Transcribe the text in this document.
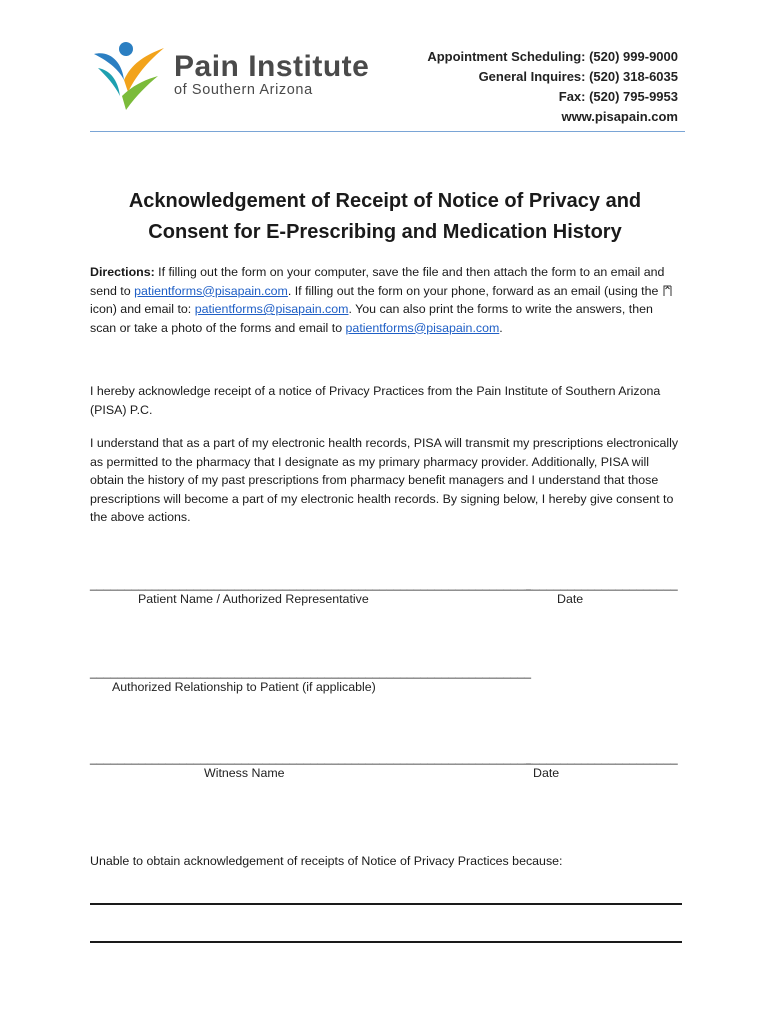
Pain Institute
of Southern Arizona
Appointment Scheduling: (520) 999-9000
General Inquires: (520) 318-6035
Fax: (520) 795-9953
www.pisapain.com
Acknowledgement of Receipt of Notice of Privacy and
Consent for E-Prescribing and Medication History
Directions: If filling out the form on your computer, save the file and then attach the form to an email and send to patientforms@pisapain.com. If filling out the form on your phone, forward as an email (using the  icon) and email to: patientforms@pisapain.com. You can also print the forms to write the answers, then scan or take a photo of the forms and email to patientforms@pisapain.com.
I hereby acknowledge receipt of a notice of Privacy Practices from the Pain Institute of Southern Arizona (PISA) P.C.
I understand that as a part of my electronic health records, PISA will transmit my prescriptions electronically as permitted to the pharmacy that I designate as my primary pharmacy provider. Additionally, PISA will obtain the history of my past prescriptions from pharmacy benefit managers and I understand that those prescriptions will become a part of my electronic health records. By signing below, I hereby give consent to the above actions.
________________________________________________________________
______________________
Patient Name / Authorized Representative	Date
________________________________________________________________
Authorized Relationship to Patient (if applicable)
________________________________________________________________
______________________
Witness Name	Date
Unable to obtain acknowledgement of receipts of Notice of Privacy Practices because:
